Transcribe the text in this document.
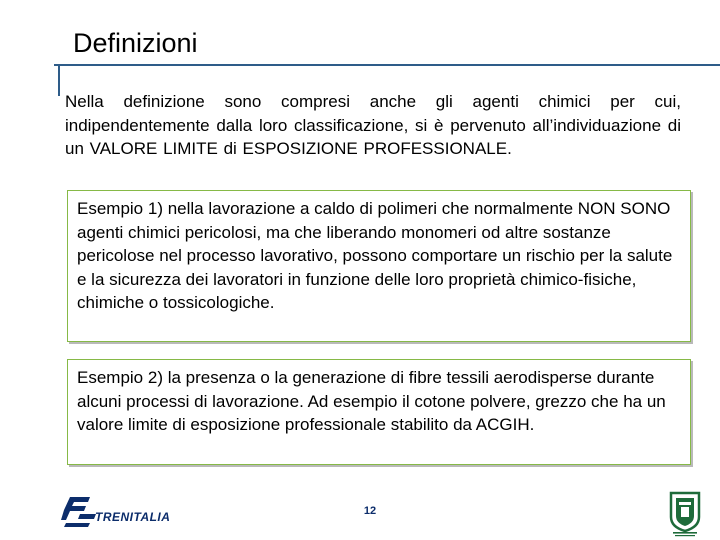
Definizioni
Nella definizione sono compresi anche gli agenti chimici per cui, indipendentemente dalla loro classificazione, si è pervenuto all’individuazione di un VALORE LIMITE di ESPOSIZIONE PROFESSIONALE.
Esempio 1) nella lavorazione a caldo di polimeri che normalmente NON SONO agenti chimici pericolosi, ma che liberando monomeri od altre sostanze pericolose nel processo lavorativo, possono comportare un rischio per la salute e la sicurezza dei lavoratori in funzione delle loro proprietà chimico-fisiche, chimiche o tossicologiche.
Esempio 2) la presenza o la generazione di fibre tessili aerodisperse durante alcuni processi di lavorazione. Ad esempio il cotone polvere, grezzo che ha un valore limite di esposizione professionale stabilito da ACGIH.
TRENITALIA	12
